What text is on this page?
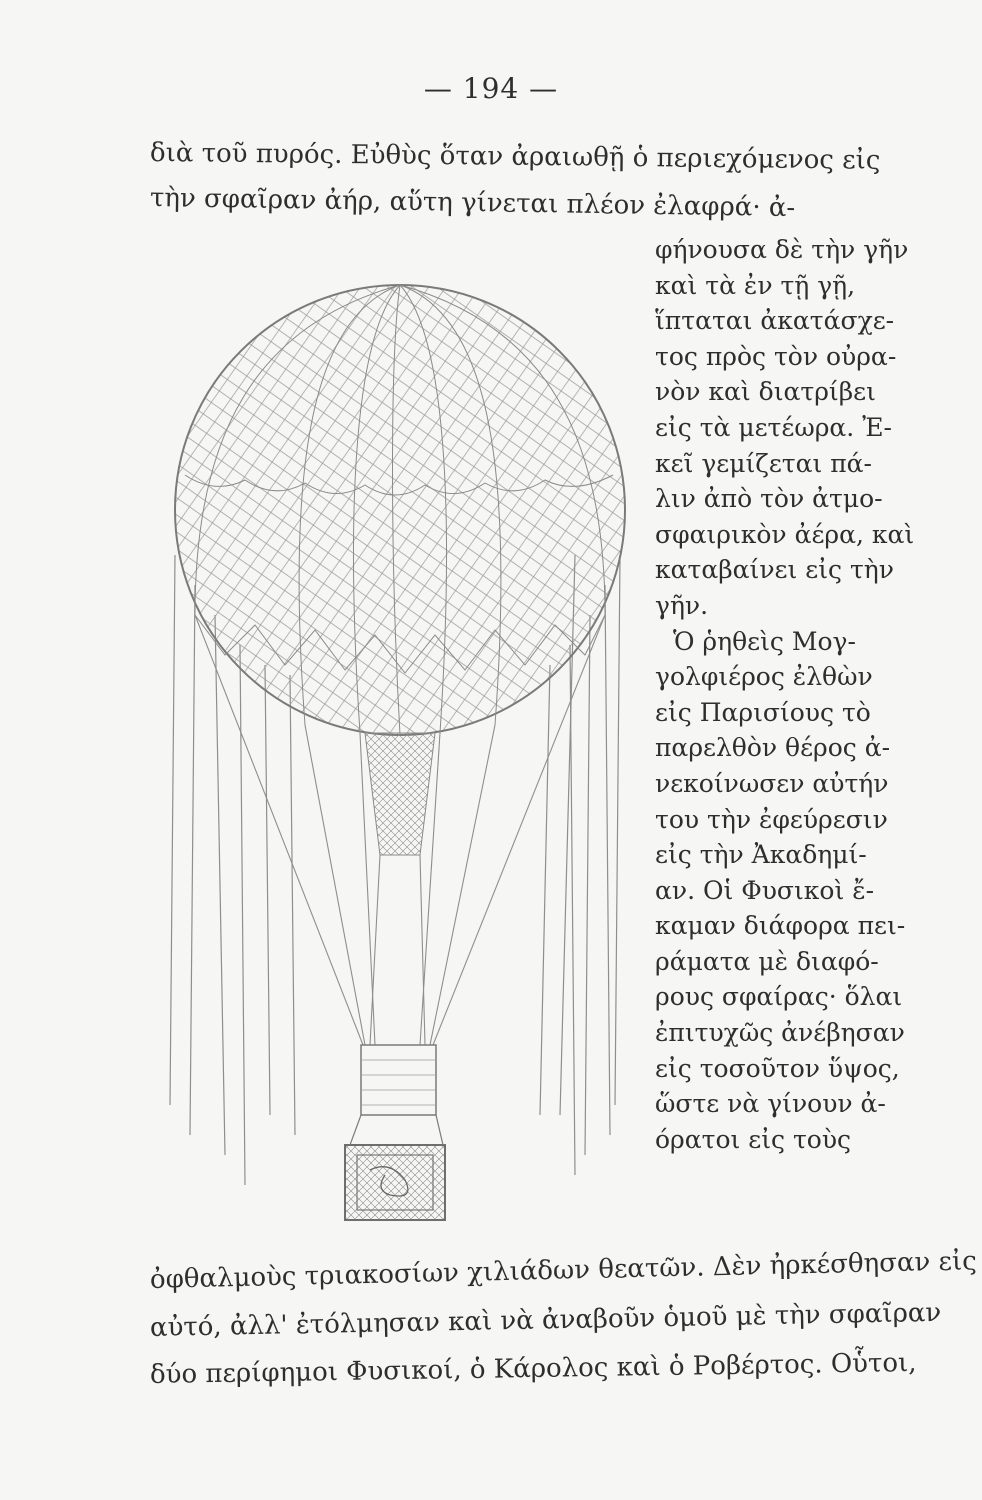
— 194 —
διὰ τοῦ πυρός. Εὐθὺς ὅταν ἀραιωθῇ ὁ περιεχόμενος εἰς
τὴν σφαῖραν ἀήρ, αὕτη γίνεται πλέον ἐλαφρά· ἀ-
φήνουσα δὲ τὴν γῆν
καὶ τὰ ἐν τῇ γῇ,
ἵπταται ἀκατάσχε-
τος πρὸς τὸν οὐρα-
νὸν καὶ διατρίβει
εἰς τὰ μετέωρα. Ἐ-
κεῖ γεμίζεται πά-
λιν ἀπὸ τὸν ἀτμο-
σφαιρικὸν ἀέρα, καὶ
καταβαίνει εἰς τὴν
γῆν.
Ὁ ῥηθεὶς Μογ-
γολφιέρος ἐλθὼν
εἰς Παρισίους τὸ
παρελθὸν θέρος ἀ-
νεκοίνωσεν αὐτήν
του τὴν ἐφεύρεσιν
εἰς τὴν Ἀκαδημί-
αν. Οἱ Φυσικοὶ ἔ-
καμαν διάφορα πει-
ράματα μὲ διαφό-
ρους σφαίρας· ὅλαι
ἐπιτυχῶς ἀνέβησαν
εἰς τοσοῦτον ὕψος,
ὥστε νὰ γίνουν ἀ-
όρατοι εἰς τοὺς
ὀφθαλμοὺς τριακοσίων χιλιάδων θεατῶν. Δὲν ἠρκέσθησαν εἰς
αὐτό, ἀλλ' ἐτόλμησαν καὶ νὰ ἀναβοῦν ὁμοῦ μὲ τὴν σφαῖραν
δύο περίφημοι Φυσικοί, ὁ Κάρολος καὶ ὁ Ροβέρτος. Οὗτοι,
